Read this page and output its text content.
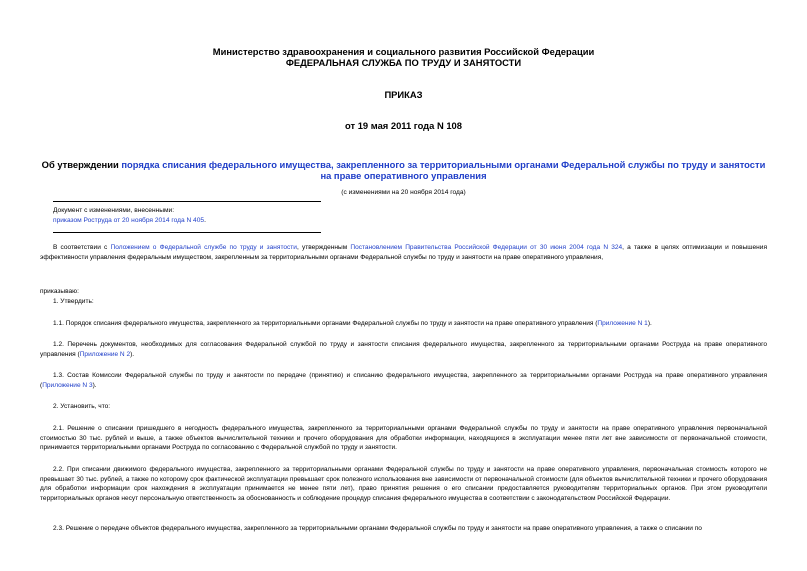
Министерство здравоохранения и социального развития Российской Федерации
ФЕДЕРАЛЬНАЯ СЛУЖБА ПО ТРУДУ И ЗАНЯТОСТИ
ПРИКАЗ
от 19 мая 2011 года N 108
Об утверждении порядка списания федерального имущества, закрепленного за территориальными органами Федеральной службы по труду и занятости на праве оперативного управления
(с изменениями на 20 ноября 2014 года)
Документ с изменениями, внесенными:
приказом Роструда от 20 ноября 2014 года N 405.

В соответствии с Положением о Федеральной службе по труду и занятости, утвержденным Постановлением Правительства Российской Федерации от 30 июня 2004 года N 324, а также в целях оптимизации и повышения эффективности управления федеральным имуществом, закрепленным за территориальными органами Федеральной службы по труду и занятости на праве оперативного управления,

приказываю:

1. Утвердить:

1.1. Порядок списания федерального имущества, закрепленного за территориальными органами Федеральной службы по труду и занятости на праве оперативного управления (Приложение N 1).

1.2. Перечень документов, необходимых для согласования Федеральной службой по труду и занятости списания федерального имущества, закрепленного за территориальными органами Роструда на праве оперативного управления (Приложение N 2).

1.3. Состав Комиссии Федеральной службы по труду и занятости по передаче (принятию) и списанию федерального имущества, закрепленного за территориальными органами Роструда на праве оперативного управления (Приложение N 3).

2. Установить, что:

2.1. Решение о списании пришедшего в негодность федерального имущества, закрепленного за территориальными органами Федеральной службы по труду и занятости на праве оперативного управления первоначальной стоимостью 30 тыс. рублей и выше, а также объектов вычислительной техники и прочего оборудования для обработки информации, находящихся в эксплуатации менее пяти лет вне зависимости от первоначальной стоимости, принимается территориальными органами Роструда по согласованию с Федеральной службой по труду и занятости.

2.2. При списании движимого федерального имущества, закрепленного за территориальными органами Федеральной службы по труду и занятости на праве оперативного управления, первоначальная стоимость которого не превышает 30 тыс. рублей, а также по которому срок фактической эксплуатации превышает срок полезного использования вне зависимости от первоначальной стоимости (для объектов вычислительной техники и прочего оборудования для обработки информации срок нахождения в эксплуатации принимается не менее пяти лет), право принятия решения о его списании предоставляется руководителям территориальных органов. При этом руководители территориальных органов несут персональную ответственность за обоснованность и соблюдение процедур списания федерального имущества в соответствии с законодательством Российской Федерации.

2.3. Решение о передаче объектов федерального имущества, закрепленного за территориальными органами Федеральной службы по труду и занятости на праве оперативного управления, а также о списании по
